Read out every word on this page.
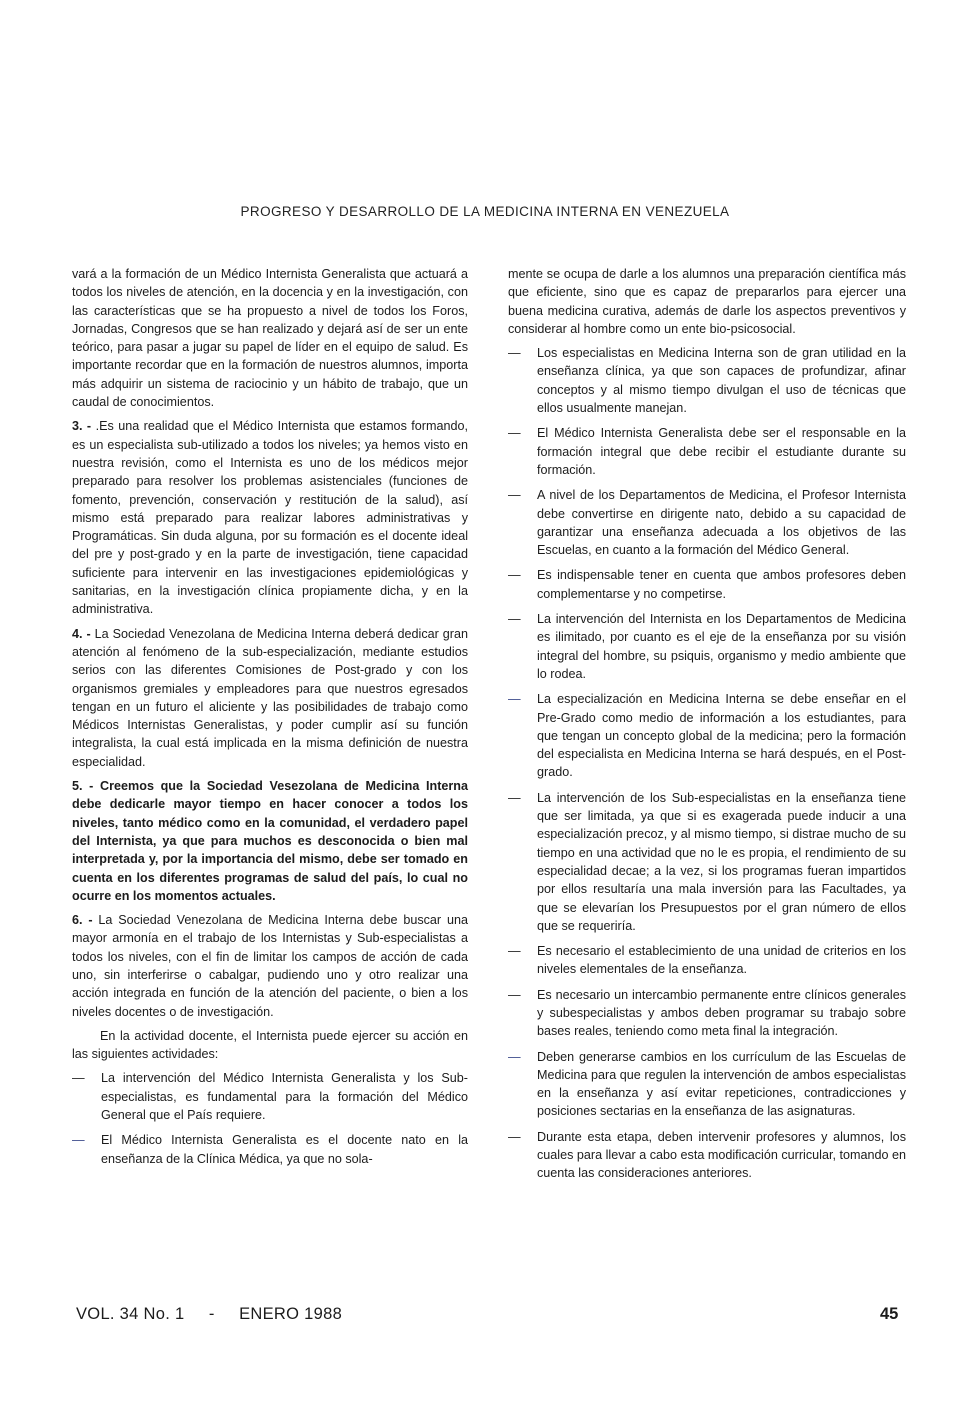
PROGRESO Y DESARROLLO DE LA MEDICINA INTERNA EN VENEZUELA

vará a la formación de un Médico Internista Generalista que actuará a todos los niveles de atención, en la docencia y en la investigación, con las características que se ha propuesto a nivel de todos los Foros, Jornadas, Congresos que se han realizado y dejará así de ser un ente teórico, para pasar a jugar su papel de líder en el equipo de salud. Es importante recordar que en la formación de nuestros alumnos, importa más adquirir un sistema de raciocinio y un hábito de trabajo, que un caudal de conocimientos.

3. - .Es una realidad que el Médico Internista que estamos formando, es un especialista sub-utilizado a todos los niveles; ya hemos visto en nuestra revisión, como el Internista es uno de los médicos mejor preparado para resolver los problemas asistenciales (funciones de fomento, prevención, conservación y restitución de la salud), así mismo está preparado para realizar labores administrativas y Programáticas. Sin duda alguna, por su formación es el docente ideal del pre y post-grado y en la parte de investigación, tiene capacidad suficiente para intervenir en las investigaciones epidemiológicas y sanitarias, en la investigación clínica propiamente dicha, y en la administrativa.

4. - La Sociedad Venezolana de Medicina Interna deberá dedicar gran atención al fenómeno de la sub-especialización, mediante estudios serios con las diferentes Comisiones de Post-grado y con los organismos gremiales y empleadores para que nuestros egresados tengan en un futuro el aliciente y las posibilidades de trabajo como Médicos Internistas Generalistas, y poder cumplir así su función integralista, la cual está implicada en la misma definición de nuestra especialidad.

5. - Creemos que la Sociedad Vesezolana de Medicina Interna debe dedicarle mayor tiempo en hacer conocer a todos los niveles, tanto médico como en la comunidad, el verdadero papel del Internista, ya que para muchos es desconocida o bien mal interpretada y, por la importancia del mismo, debe ser tomado en cuenta en los diferentes programas de salud del país, lo cual no ocurre en los momentos actuales.

6. - La Sociedad Venezolana de Medicina Interna debe buscar una mayor armonía en el trabajo de los Internistas y Sub-especialistas a todos los niveles, con el fin de limitar los campos de acción de cada uno, sin interferirse o cabalgar, pudiendo uno y otro realizar una acción integrada en función de la atención del paciente, o bien a los niveles docentes o de investigación.

En la actividad docente, el Internista puede ejercer su acción en las siguientes actividades:

—	La intervención del Médico Internista Generalista y los Sub-especialistas, es fundamental para la formación del Médico General que el País requiere.
—	El Médico Internista Generalista es el docente nato en la enseñanza de la Clínica Médica, ya que no sola-

mente se ocupa de darle a los alumnos una preparación científica más que eficiente, sino que es capaz de prepararlos para ejercer una buena medicina curativa, además de darle los aspectos preventivos y considerar al hombre como un ente bio-psicosocial.

—	Los especialistas en Medicina Interna son de gran utilidad en la enseñanza clínica, ya que son capaces de profundizar, afinar conceptos y al mismo tiempo divulgan el uso de técnicas que ellos usualmente manejan.
—	El Médico Internista Generalista debe ser el responsable en la formación integral que debe recibir el estudiante durante su formación.
—	A nivel de los Departamentos de Medicina, el Profesor Internista debe convertirse en dirigente nato, debido a su capacidad de garantizar una enseñanza adecuada a los objetivos de las Escuelas, en cuanto a la formación del Médico General.
—	Es indispensable tener en cuenta que ambos profesores deben complementarse y no competirse.
—	La intervención del Internista en los Departamentos de Medicina es ilimitado, por cuanto es el eje de la enseñanza por su visión integral del hombre, su psiquis, organismo y medio ambiente que lo rodea.
—	La especialización en Medicina Interna se debe enseñar en el Pre-Grado como medio de información a los estudiantes, para que tengan un concepto global de la medicina; pero la formación del especialista en Medicina Interna se hará después, en el Post-grado.
—	La intervención de los Sub-especialistas en la enseñanza tiene que ser limitada, ya que si es exagerada puede inducir a una especialización precoz, y al mismo tiempo, si distrae mucho de su tiempo en una actividad que no le es propia, el rendimiento de su especialidad decae; a la vez, si los programas fueran impartidos por ellos resultaría una mala inversión para las Facultades, ya que se elevarían los Presupuestos por el gran número de ellos que se requeriría.
—	Es necesario el establecimiento de una unidad de criterios en los niveles elementales de la enseñanza.
—	Es necesario un intercambio permanente entre clínicos generales y subespecialistas y ambos deben programar su trabajo sobre bases reales, teniendo como meta final la integración.
—	Deben generarse cambios en los currículum de las Escuelas de Medicina para que regulen la intervención de ambos especialistas en la enseñanza y así evitar repeticiones, contradicciones y posiciones sectarias en la enseñanza de las asignaturas.
—	Durante esta etapa, deben intervenir profesores y alumnos, los cuales para llevar a cabo esta modificación curricular, tomando en cuenta las consideraciones anteriores.
VOL. 34 No. 1 - ENERO 1988	45
